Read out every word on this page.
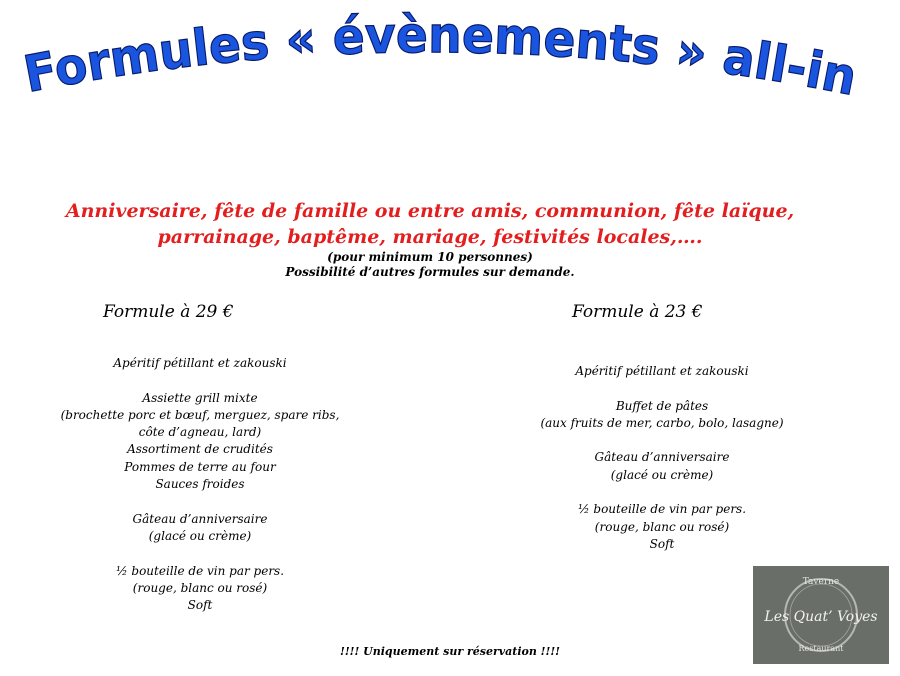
Formules « évènements » all-in
Anniversaire, fête de famille ou entre amis, communion, fête laïque,
parrainage, baptême, mariage, festivités locales,….
(pour minimum 10 personnes)
Possibilité d’autres formules sur demande.
Formule à 29 €	Formule à 23 €
Apéritif pétillant et zakouski
Assiette grill mixte
(brochette porc et bœuf, merguez, spare ribs,
côte d’agneau, lard)
Assortiment de crudités
Pommes de terre au four
Sauces froides
Gâteau d’anniversaire
(glacé ou crème)
½ bouteille de vin par pers.
(rouge, blanc ou rosé)
Soft
Apéritif pétillant et zakouski
Buffet de pâtes
(aux fruits de mer, carbo, bolo, lasagne)
Gâteau d’anniversaire
(glacé ou crème)
½ bouteille de vin par pers.
(rouge, blanc ou rosé)
Soft
!!!! Uniquement sur réservation !!!!
Taverne
Les Quat’ Voyes
Restaurant
